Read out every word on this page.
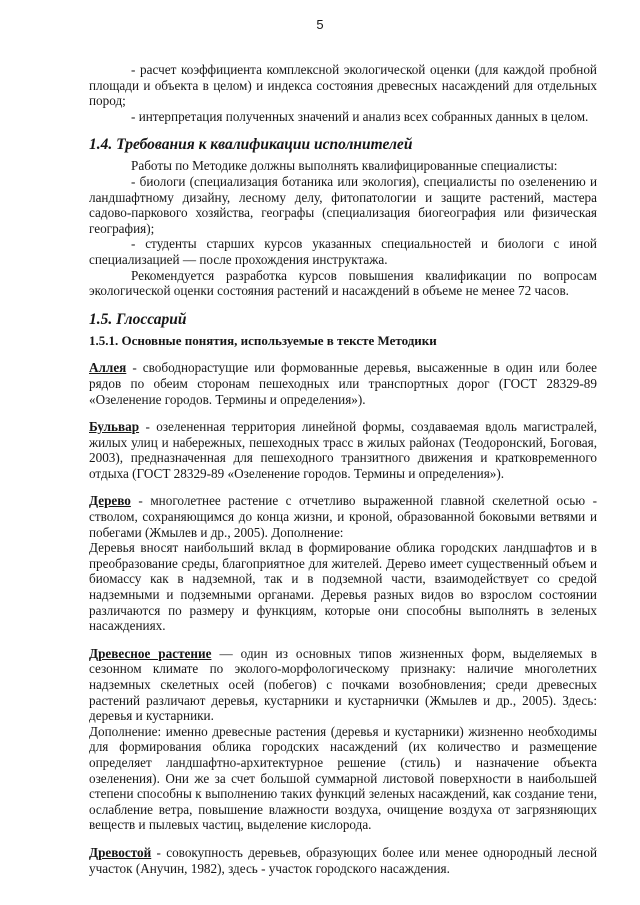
5

- расчет коэффициента комплексной экологической оценки (для каждой пробной площади и объекта в целом) и индекса состояния древесных насаждений для отдельных пород;

- интерпретация полученных значений и анализ всех собранных данных в целом.

1.4. Требования к квалификации исполнителей

Работы по Методике должны выполнять квалифицированные специалисты:

- биологи (специализация ботаника или экология), специалисты по озеленению и ландшафтному дизайну, лесному делу, фитопатологии и защите растений, мастера садово-паркового хозяйства, географы (специализация биогеография или физическая география);

- студенты старших курсов указанных специальностей и биологи с иной специализацией — после прохождения инструктажа.

Рекомендуется разработка курсов повышения квалификации по вопросам экологической оценки состояния растений и насаждений в объеме не менее 72 часов.

1.5. Глоссарий

1.5.1. Основные понятия, используемые в тексте Методики

Аллея - свободнорастущие или формованные деревья, высаженные в один или более рядов по обеим сторонам пешеходных или транспортных дорог (ГОСТ 28329-89 «Озеленение городов. Термины и определения»).

Бульвар - озелененная территория линейной формы, создаваемая вдоль магистралей, жилых улиц и набережных, пешеходных трасс в жилых районах (Теодоронский, Боговая, 2003), предназначенная для пешеходного транзитного движения и кратковременного отдыха (ГОСТ 28329-89 «Озеленение городов. Термины и определения»).

Дерево - многолетнее растение с отчетливо выраженной главной скелетной осью - стволом, сохраняющимся до конца жизни, и кроной, образованной боковыми ветвями и побегами (Жмылев и др., 2005). Дополнение:

Деревья вносят наибольший вклад в формирование облика городских ландшафтов и в преобразование среды, благоприятное для жителей. Дерево имеет существенный объем и биомассу как в надземной, так и в подземной части, взаимодействует со средой надземными и подземными органами. Деревья разных видов во взрослом состоянии различаются по размеру и функциям, которые они способны выполнять в зеленых насаждениях.

Древесное растение — один из основных типов жизненных форм, выделяемых в сезонном климате по эколого-морфологическому признаку: наличие многолетних надземных скелетных осей (побегов) с почками возобновления; среди древесных растений различают деревья, кустарники и кустарнички (Жмылев и др., 2005). Здесь: деревья и кустарники.

Дополнение: именно древесные растения (деревья и кустарники) жизненно необходимы для формирования облика городских насаждений (их количество и размещение определяет ландшафтно-архитектурное решение (стиль) и назначение объекта озеленения). Они же за счет большой суммарной листовой поверхности в наибольшей степени способны к выполнению таких функций зеленых насаждений, как создание тени, ослабление ветра, повышение влажности воздуха, очищение воздуха от загрязняющих веществ и пылевых частиц, выделение кислорода.

Древостой - совокупность деревьев, образующих более или менее однородный лесной участок (Анучин, 1982), здесь - участок городского насаждения.
